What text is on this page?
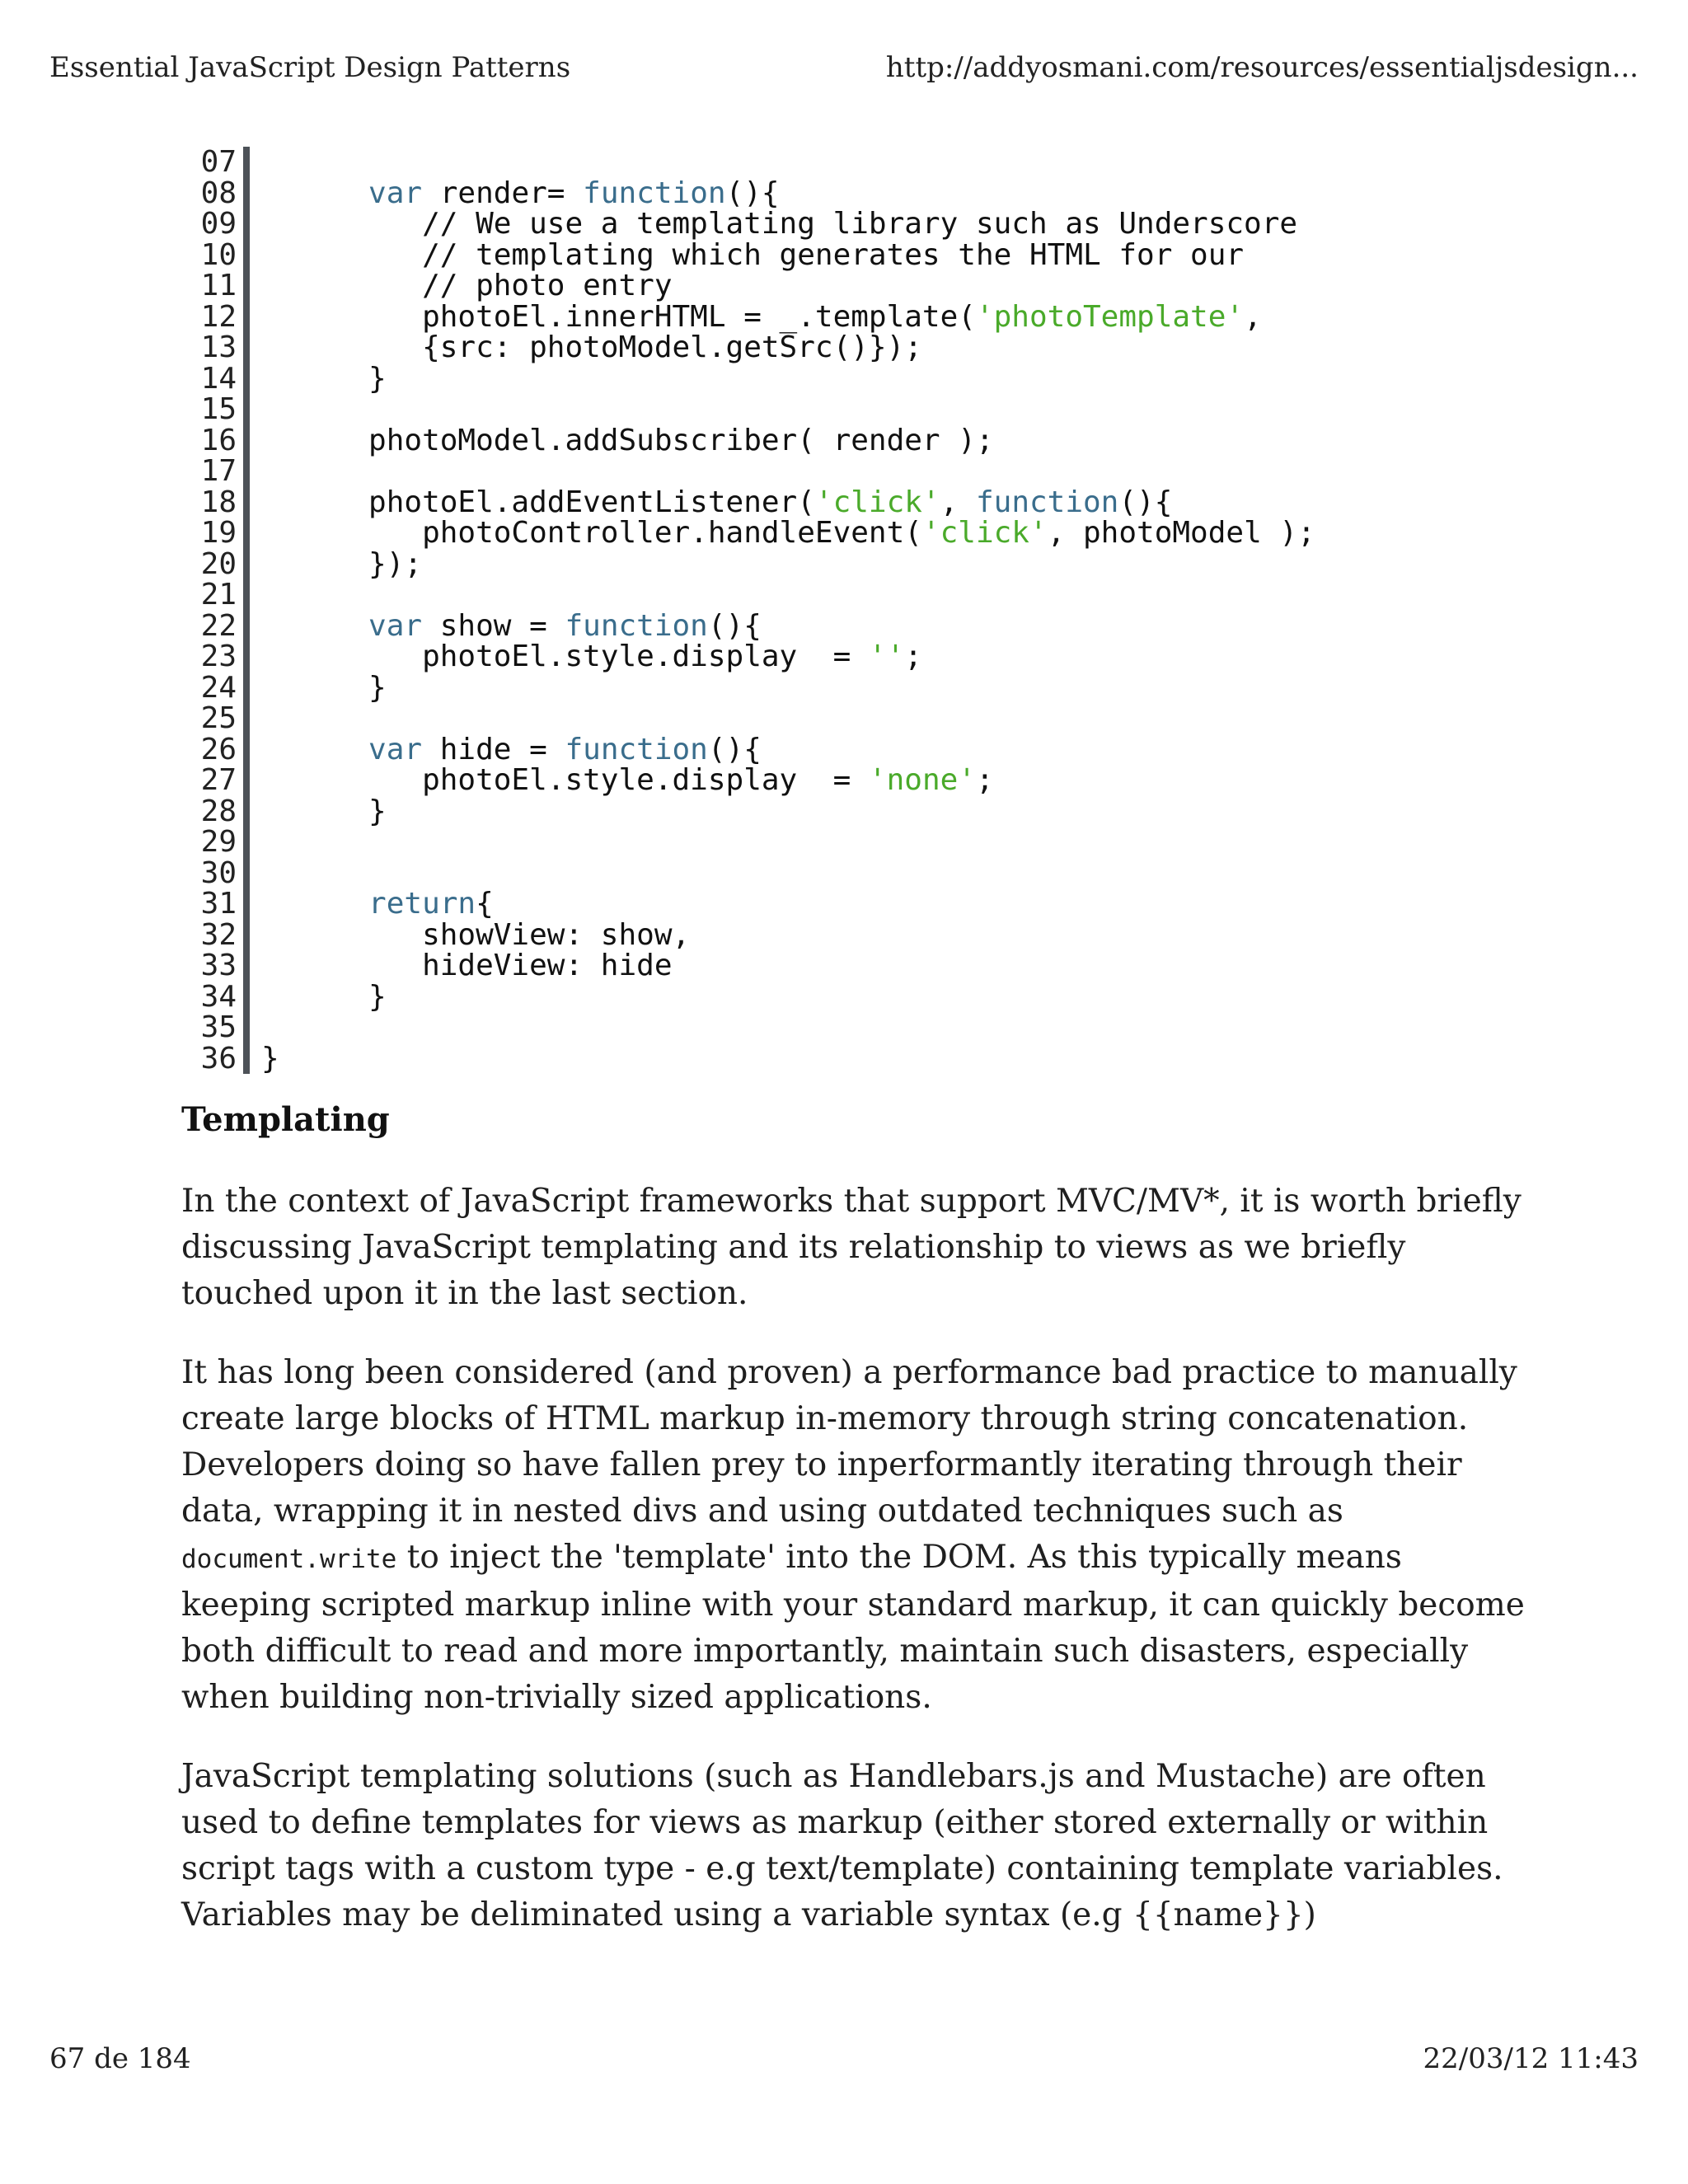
Essential JavaScript Design Patterns	http://addyosmani.com/resources/essentialjsdesign...
07
08	var render= function(){
09 // We use a templating library such as Underscore
10 // templating which generates the HTML for our
11 // photo entry
12 photoEl.innerHTML = _.template('photoTemplate',
13 {src: photoModel.getSrc()});
14 }
15
16 photoModel.addSubscriber( render );
17
18 photoEl.addEventListener('click', function(){
19 photoController.handleEvent('click', photoModel );
20 });
21
22	var show = function(){
23 photoEl.style.display  = '';
24 }
25
26	var hide = function(){
27 photoEl.style.display  = 'none';
28 }
29
30
31	return{
32 showView: show,
33 hideView: hide
34 }
35
36 }
Templating

In the context of JavaScript frameworks that support MVC/MV*, it is worth briefly discussing JavaScript templating and its relationship to views as we briefly touched upon it in the last section.

It has long been considered (and proven) a performance bad practice to manually create large blocks of HTML markup in-memory through string concatenation. Developers doing so have fallen prey to inperformantly iterating through their data, wrapping it in nested divs and using outdated techniques such as document.write to inject the 'template' into the DOM. As this typically means keeping scripted markup inline with your standard markup, it can quickly become both difficult to read and more importantly, maintain such disasters, especially when building non-trivially sized applications.

JavaScript templating solutions (such as Handlebars.js and Mustache) are often used to define templates for views as markup (either stored externally or within script tags with a custom type - e.g text/template) containing template variables. Variables may be deliminated using a variable syntax (e.g {{name}})

67 de 184	22/03/12 11:43
